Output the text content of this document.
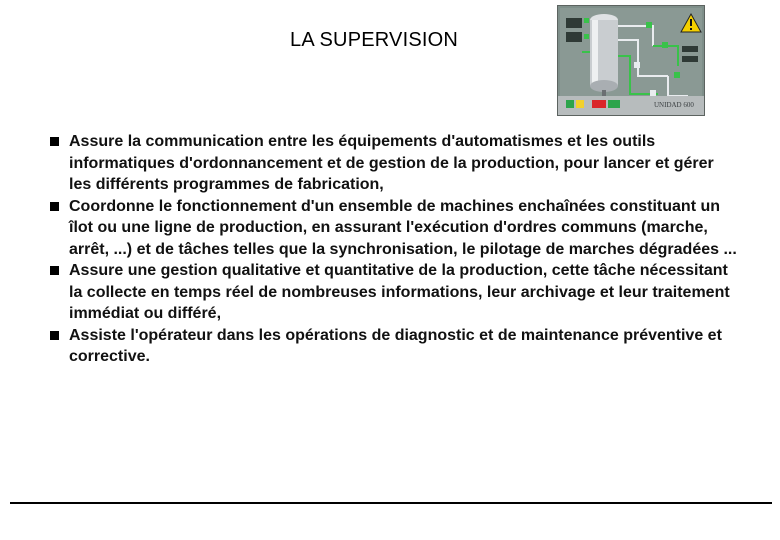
LA SUPERVISION
UNIDAD 600
Assure la communication entre les équipements d'automatismes et les outils informatiques d'ordonnancement et de gestion de la production, pour lancer et gérer les différents programmes de fabrication,
Coordonne le fonctionnement d'un ensemble de machines enchaînées constituant un îlot ou une ligne de production, en assurant l'exécution d'ordres communs (marche, arrêt, ...) et de tâches telles que la synchronisation, le pilotage de marches dégradées ...
Assure une gestion qualitative et quantitative de la production, cette tâche nécessitant la collecte en temps réel de nombreuses informations, leur archivage et leur traitement immédiat ou différé,
Assiste l'opérateur dans les opérations de diagnostic et de maintenance préventive et corrective.
